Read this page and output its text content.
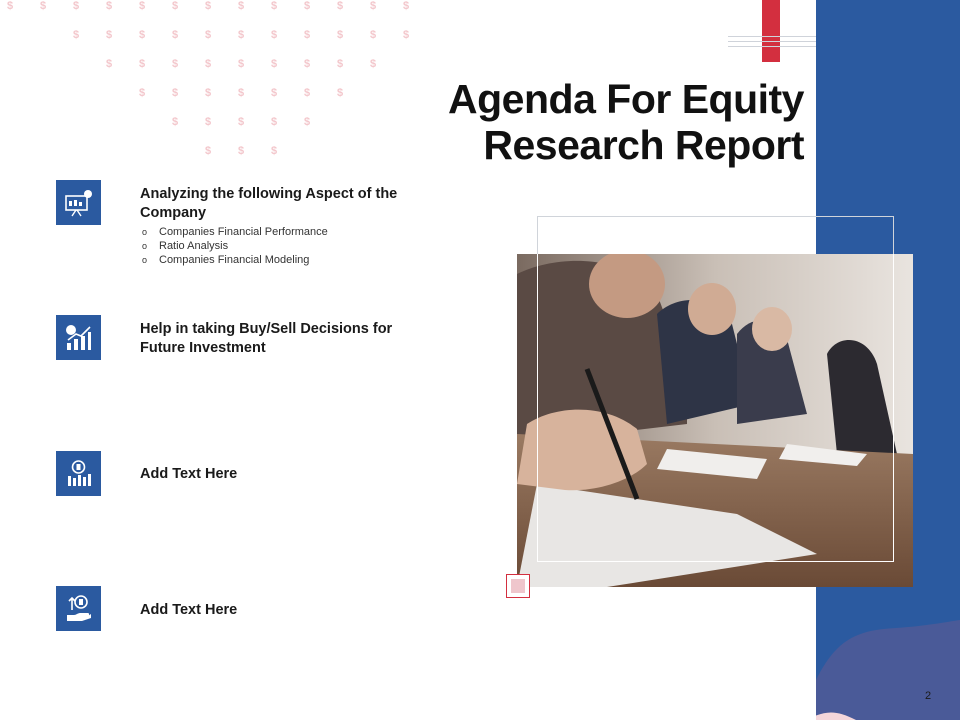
$ $ $ $ $ $ $ $ $ $ $ $ $
$ $ $ $ $ $ $ $ $ $ $
$ $ $ $ $ $ $ $ $
$ $ $ $ $ $ $
$ $ $ $ $
$ $ $
Agenda For Equity
Research Report
Analyzing the following Aspect of the Company
o Companies Financial Performance
o Ratio Analysis
o Companies Financial Modeling
Help in taking Buy/Sell Decisions for Future Investment
Add Text Here
Add Text Here
2
